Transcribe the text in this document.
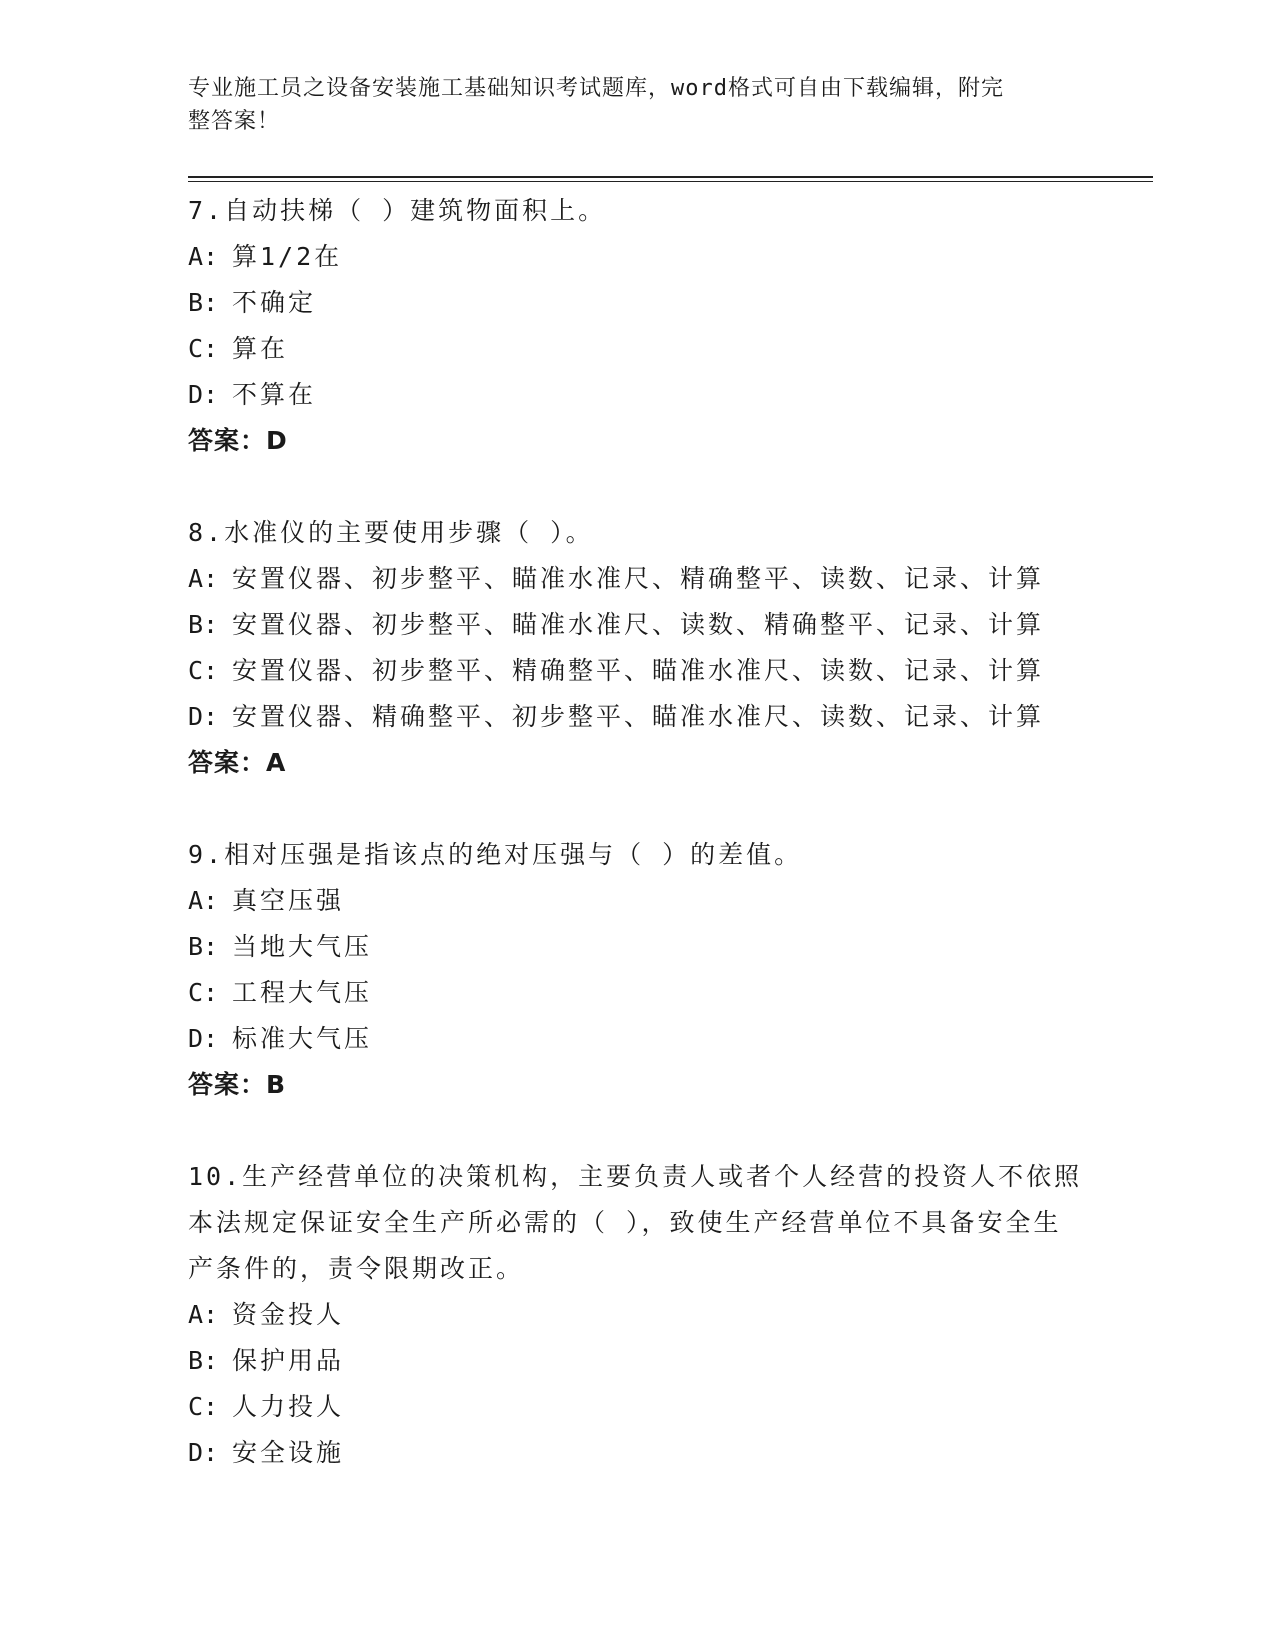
专业施工员之设备安装施工基础知识考试题库，word格式可自由下载编辑，附完
整答案！
7.自动扶梯（ ）建筑物面积上。
A: 算1/2在
B: 不确定
C: 算在
D: 不算在
答案：D
8.水准仪的主要使用步骤（ ）。
A: 安置仪器、初步整平、瞄准水准尺、精确整平、读数、记录、计算
B: 安置仪器、初步整平、瞄准水准尺、读数、精确整平、记录、计算
C: 安置仪器、初步整平、精确整平、瞄准水准尺、读数、记录、计算
D: 安置仪器、精确整平、初步整平、瞄准水准尺、读数、记录、计算
答案：A
9.相对压强是指该点的绝对压强与（ ）的差值。
A: 真空压强
B: 当地大气压
C: 工程大气压
D: 标准大气压
答案：B
10.生产经营单位的决策机构，主要负责人或者个人经营的投资人不依照本法规定保证安全生产所必需的（ ），致使生产经营单位不具备安全生产条件的，责令限期改正。
A: 资金投人
B: 保护用品
C: 人力投人
D: 安全设施
